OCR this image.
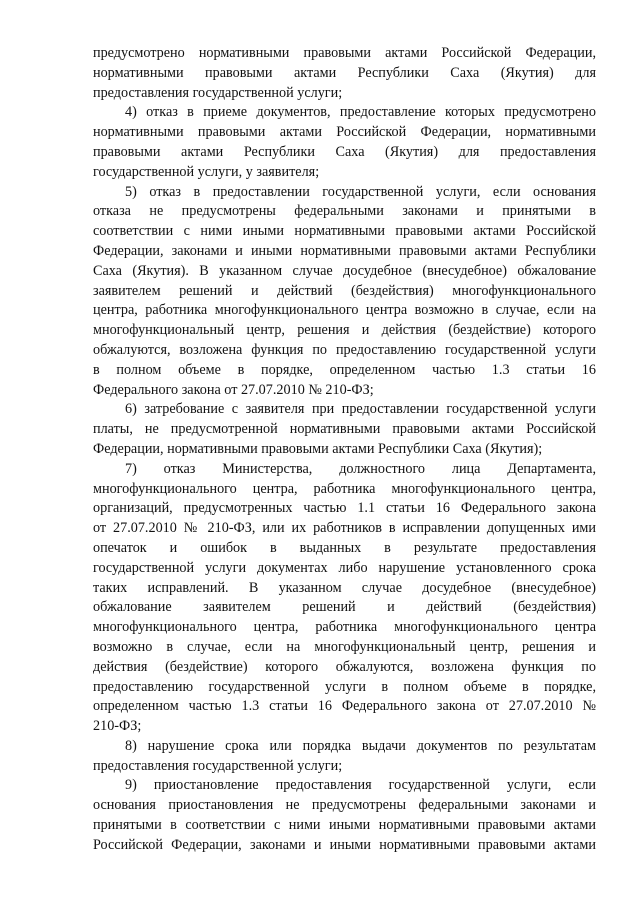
предусмотрено нормативными правовыми актами Российской Федерации,
нормативными правовыми актами Республики Саха (Якутия) для
предоставления государственной услуги;
4) отказ в приеме документов, предоставление которых предусмотрено
нормативными правовыми актами Российской Федерации, нормативными
правовыми актами Республики Саха (Якутия) для предоставления
государственной услуги, у заявителя;
5) отказ в предоставлении государственной услуги, если основания
отказа не предусмотрены федеральными законами и принятыми в
соответствии с ними иными нормативными правовыми актами Российской
Федерации, законами и иными нормативными правовыми актами Республики
Саха (Якутия). В указанном случае досудебное (внесудебное) обжалование
заявителем решений и действий (бездействия) многофункционального
центра, работника многофункционального центра возможно в случае, если на
многофункциональный центр, решения и действия (бездействие) которого
обжалуются, возложена функция по предоставлению государственной услуги
в полном объеме в порядке, определенном частью 1.3 статьи 16
Федерального закона от 27.07.2010 № 210-ФЗ;
6) затребование с заявителя при предоставлении государственной услуги
платы, не предусмотренной нормативными правовыми актами Российской
Федерации, нормативными правовыми актами Республики Саха (Якутия);
7) отказ Министерства, должностного лица Департамента,
многофункционального центра, работника многофункционального центра,
организаций, предусмотренных частью 1.1 статьи 16 Федерального закона
от 27.07.2010 № 210-ФЗ, или их работников в исправлении допущенных ими
опечаток и ошибок в выданных в результате предоставления
государственной услуги документах либо нарушение установленного срока
таких исправлений. В указанном случае досудебное (внесудебное)
обжалование заявителем решений и действий (бездействия)
многофункционального центра, работника многофункционального центра
возможно в случае, если на многофункциональный центр, решения и
действия (бездействие) которого обжалуются, возложена функция по
предоставлению государственной услуги в полном объеме в порядке,
определенном частью 1.3 статьи 16 Федерального закона от 27.07.2010 №
210-ФЗ;
8) нарушение срока или порядка выдачи документов по результатам
предоставления государственной услуги;
9) приостановление предоставления государственной услуги, если
основания приостановления не предусмотрены федеральными законами и
принятыми в соответствии с ними иными нормативными правовыми актами
Российской Федерации, законами и иными нормативными правовыми актами
